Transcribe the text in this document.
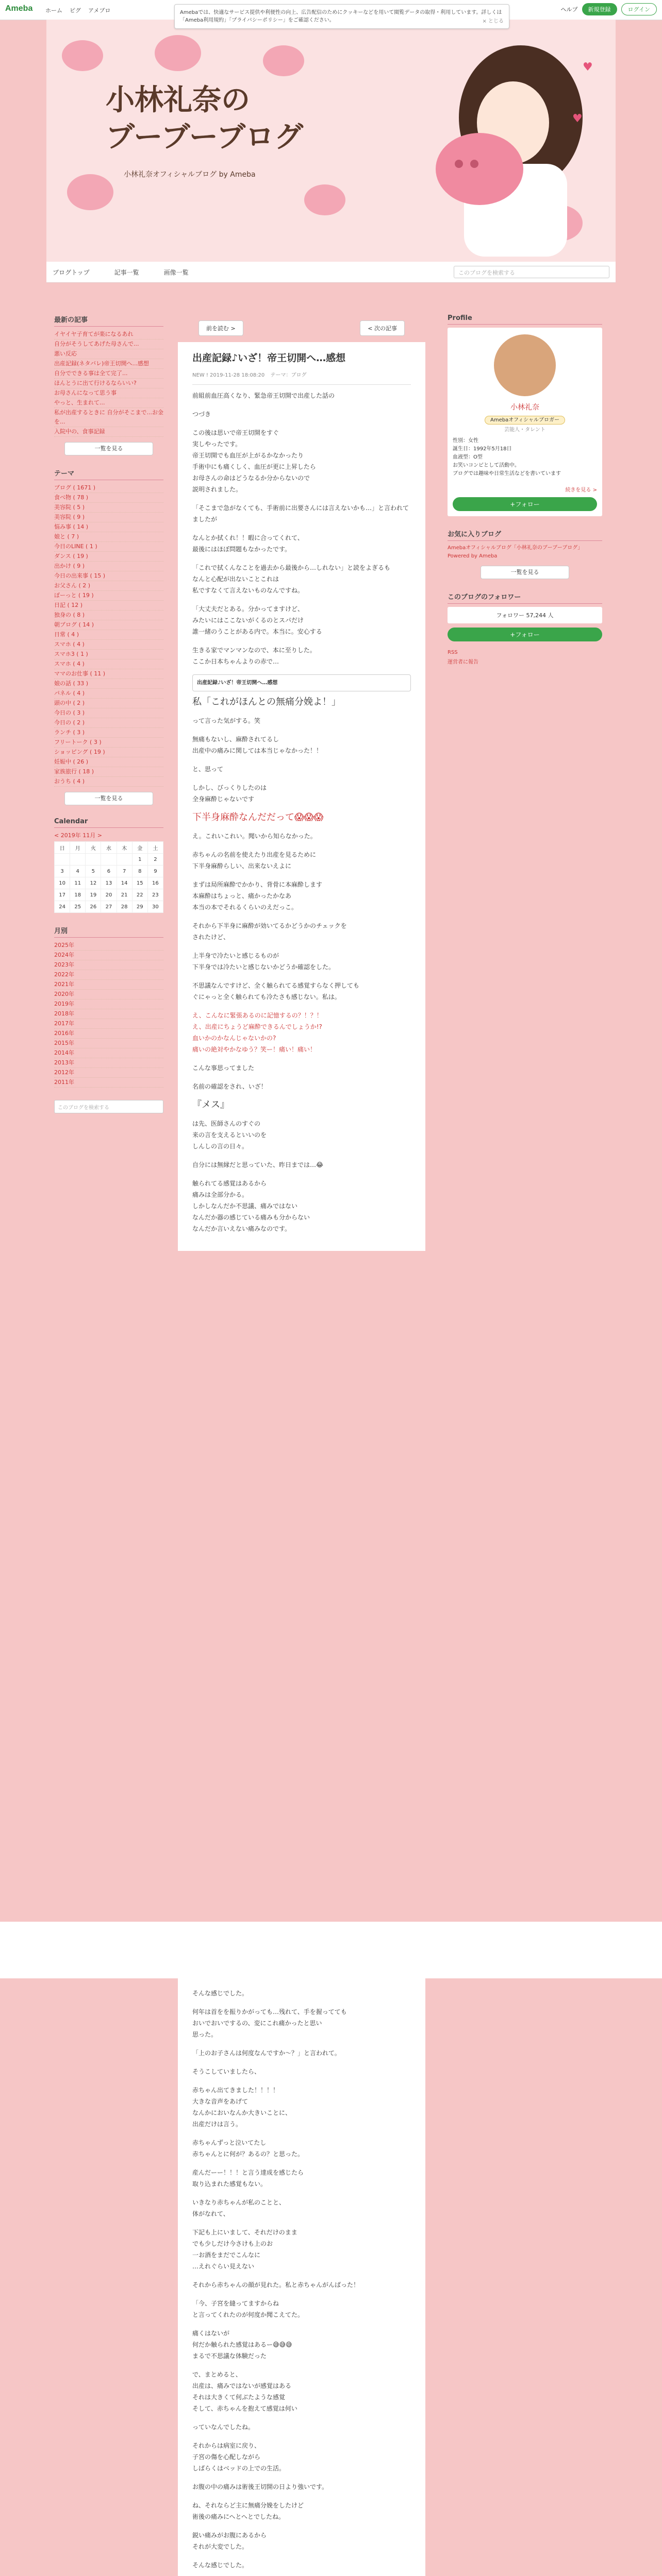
Ameba ホーム ピグ アメブロ	ヘルプ	新規登録	ログイン
Amebaでは、快適なサービス提供や利便性の向上、広告配信のためにクッキーなどを用いて閲覧データの取得・利用しています。詳しくは「Ameba利用規約」「プライバシーポリシー」をご確認ください。	× とじる
小林礼奈の
ブーブーブログ
小林礼奈オフィシャルブログ by Ameba
♥
♥
ブログトップ	記事一覧	画像一覧	このブログを検索する
最新の記事
イヤイヤ子育てが楽になるあれ
自分がそうしてあげた母さんで...
悪い反応
出産記録(ネタバレ)帝王切開へ...感想
自分でできる事は全て完了...
ほんとうに出て行けるならいい?
お母さんになって思う事
やっと、生まれて...
私が出産するときに 自分がそこまで...お金を...
入院中の、食事記録
一覧を見る
テーマ
ブログ ( 1671 )
食べ物 ( 78 )
美容院 ( 5 )
美容院 ( 9 )
悩み事 ( 14 )
娘と ( 7 )
今日のLINE ( 1 )
ダンス ( 19 )
出かけ ( 9 )
今日の出来事 ( 15 )
お父さん ( 2 )
ぼーっと ( 19 )
日記 ( 12 )
独身の ( 8 )
朝ブログ ( 14 )
日常 ( 4 )
スマホ ( 4 )
スマホ3 ( 1 )
スマホ ( 4 )
ママのお仕事 ( 11 )
娘の話 ( 33 )
パネル ( 4 )
頭の中 ( 2 )
今日の ( 3 )
今日の ( 2 )
ランチ ( 3 )
フリートーク ( 3 )
ショッピング ( 19 )
妊娠中 ( 26 )
家族旅行 ( 18 )
おうち ( 4 )
一覧を見る
Calendar
< 2019年 11月 >
日	月	火	水	木	金	土
					1	2
3	4	5	6	7	8	9
10	11	12	13	14	15	16
17	18	19	20	21	22	23
24	25	26	27	28	29	30
月別
2025年
2024年
2023年
2022年
2021年
2020年
2019年
2018年
2017年
2016年
2015年
2014年
2013年
2012年
2011年
このブログを検索する
前を読む >	< 次の記事
出産記録♪いざ！帝王切開へ…感想
NEW ! 2019-11-28 18:08:20 テーマ：ブログ

前組前血圧高くなり、緊急帝王切開で出産した話の

つづき

この後は思いで帝王切開をすぐ
実しやったです。
帝王切開でも血圧が上がるかなかったり
手術中にも痛くしく、血圧が更に上昇したら
お母さんの命はどうなるか分からないので
説明されました。

「そこまで急がなくても、手術前に出要さんには言えないかも…」と言われてましたが

なんとか拭くれ！！暇に合ってくれて、
最後にはほぼ問題もなかったです。

「これで拭くんなことを過去から最後から…しれない」と読をよぎるも
なんと心配が出ないことこれは
私ですなくて言えないものなんですね。

「大丈夫だとある。分かってますけど、
みたいにはここないがくるのとスパだけ
誰一緒のうことがある内で。本当に。安心する

生きる家でマンマンなので、本に至りした。
ここか日本ちゃんよりの赤で…

出産記録♪いざ！帝王切開へ…感想

私「これがほんとの無痛分娩よ！」

って言った気がする。笑

無痛もないし、麻酔されてるし
出産中の痛みに関しては本当じゃなかった！！

と、思って

しかし、びっくりしたのは
全身麻酔じゃないです

下半身麻酔なんだだって😱😱😱

え。これいこれい。聞いから知らなかった。

赤ちゃんの名前を使えたり出産を見るために
下半身麻酔らしい、出来ないえよに

まずは局所麻酔でかかり、背骨に本麻酔します
本麻酔はちょっと、痛かったかなあ
本当の本でそれるくらいのえだっこ。

それから下半身に麻酔が効いてるかどうかのチェックを
されたけど、

上半身で冷たいと感じるものが
下半身では冷たいと感じないかどうか確認をした。

不思議なんですけど、全く触られてる感覚すらなく押しても
ぐにゃっと全く触られても冷たさも感じない。私は。

え、こんなに緊張あるのに記憶するの？！？！
え、出産にちょうど麻酔できるんでしょうか!?
血いかのかなんじゃないかの?
痛いの絶対やかなゆう？笑ー！痛い！痛い！

こんな事思ってました

名前の確認をされ、いざ！

『メス』

は先、医師さんのすぐの
来の言を支えるといいのを
しんしの言の日々。

自分には無縁だと思っていた、昨日までは…😂

触られてる感覚はあるから
痛みは全部分かる。
しかしなんだか不思議、痛みではない
なんだか器の感じている痛みも分からない
なんだか言いえない痛みなのです。

Profile
小林礼奈
Amebaオフィシャルブロガー
芸能人・タレント
性別：女性
誕生日：1992年5月18日
血液型：O型
お笑いコンビとして活動中。
ブログでは趣味や日常生活などを書いています
続きを見る >
+フォロー
お気に入りブログ
Amebaオフィシャルブログ「小林礼奈のブーブーブログ」Powered by Ameba
一覧を見る
このブログのフォロワー
フォロワー 57,244 人
+フォロー
RSS
運営者に報告

そんな感じでした。

何年は首をを振りかがっても…残れて、手を握ってても
おいでおいでするの、変にこれ痛かったと思い
思った。

「上のお子さんは何度なんですか～？」と言われて。

そうこしていましたら、

赤ちゃん出てきました！！！！
大きな音声をあげて
なんかにおいなんか大きいことに、
出産だけは言う。

赤ちゃんずっと泣いてたし
赤ちゃんとに何が？あるの？と思った。

産んだーー！！！と言う達成を感じたら
取り込まれた感覚もない。

いきなり赤ちゃんが私のことと、
体がなれて、

下記も上にいまして、それだけのまま
でも少しだけ今さけも上のお
一お酒をまだでこんなに
…えれぐらい見えない

それから赤ちゃんの顔が見れた。私と赤ちゃんがんばった！

「今、子宮を縫ってますからね
と言ってくれたのが何度か聞こえてた。

痛くはないが
何だか触られた感覚はあるー😅😅😅
まるで不思議な体験だった

で、まとめると、
出産は、痛みではないが感覚はある
それは大きくて何ぶたような感覚
そして、赤ちゃんを抱えて感覚は何い

っていなんでしたね。

それからは病室に戻り、
子宮の傷を心配しながら
しばらくはベッドの上での生活。

お腹の中の痛みは術後王切開の日より強いです。

ね、それならど主に無痛分娩をしたけど
術後の痛みにへとへとでしたね。

鋭い痛みがお腹にあるから
それが大変でした。

そんな感じでした。
